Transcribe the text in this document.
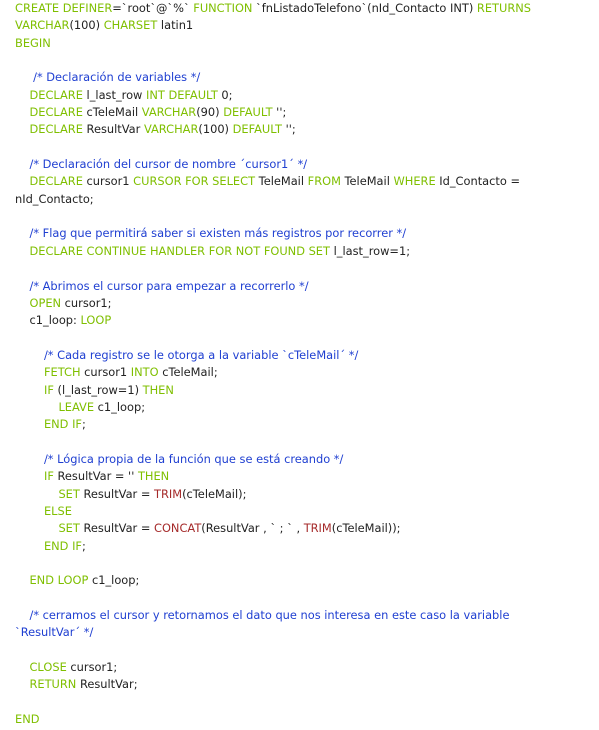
CREATE DEFINER=`root`@`%` FUNCTION `fnListadoTelefono`(nId_Contacto INT) RETURNS
VARCHAR(100) CHARSET latin1
BEGIN
/* Declaración de variables */
DECLARE l_last_row INT DEFAULT 0;
DECLARE cTeleMail VARCHAR(90) DEFAULT '';
DECLARE ResultVar VARCHAR(100) DEFAULT '';
/* Declaración del cursor de nombre ´cursor1´ */
DECLARE cursor1 CURSOR FOR SELECT TeleMail FROM TeleMail WHERE Id_Contacto =
nId_Contacto;
/* Flag que permitirá saber si existen más registros por recorrer */
DECLARE CONTINUE HANDLER FOR NOT FOUND SET l_last_row=1;
/* Abrimos el cursor para empezar a recorrerlo */
OPEN cursor1;
c1_loop: LOOP
/* Cada registro se le otorga a la variable `cTeleMail´ */
FETCH cursor1 INTO cTeleMail;
IF (l_last_row=1) THEN
LEAVE c1_loop;
END IF;
/* Lógica propia de la función que se está creando */
IF ResultVar = '' THEN
SET ResultVar = TRIM(cTeleMail);
ELSE
SET ResultVar = CONCAT(ResultVar , ` ; ` , TRIM(cTeleMail));
END IF;
END LOOP c1_loop;
/* cerramos el cursor y retornamos el dato que nos interesa en este caso la variable
`ResultVar´ */
CLOSE cursor1;
RETURN ResultVar;
END
